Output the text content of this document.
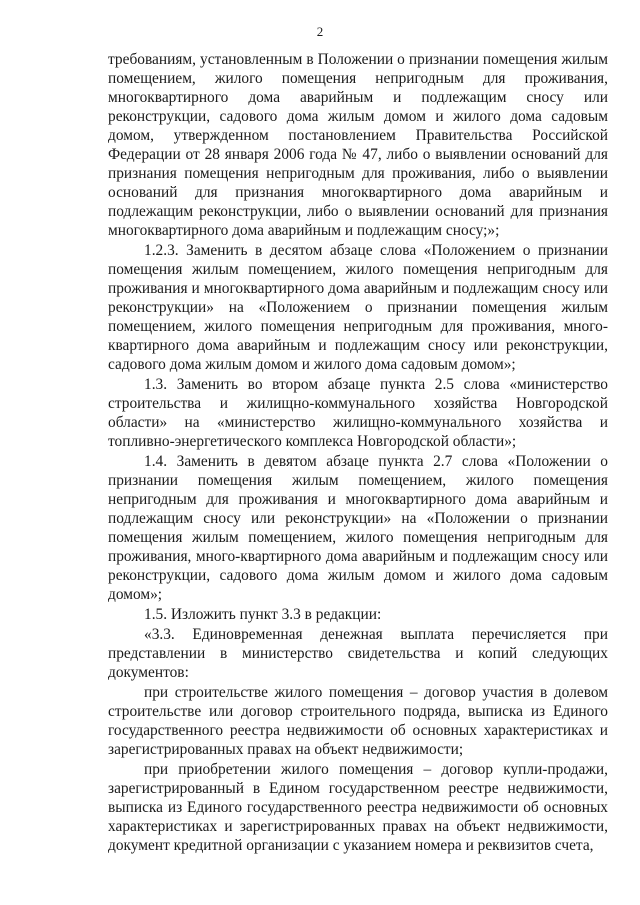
2

требованиям, установленным в Положении о признании помещения жилым помещением, жилого помещения непригодным для проживания, многоквартирного дома аварийным и подлежащим сносу или реконструкции, садового дома жилым домом и жилого дома садовым домом, утвержденном постановлением Правительства Российской Федерации от 28 января 2006 года № 47, либо о выявлении оснований для признания помещения непригодным для проживания, либо о выявлении оснований для признания многоквартирного дома аварийным и подлежащим реконструкции, либо о выявлении оснований для признания многоквартирного дома аварийным и подлежащим сносу;»;

1.2.3. Заменить в десятом абзаце слова «Положением о признании помещения жилым помещением, жилого помещения непригодным для проживания и многоквартирного дома аварийным и подлежащим сносу или реконструкции» на «Положением о признании помещения жилым помещением, жилого помещения непригодным для проживания, много-квартирного дома аварийным и подлежащим сносу или реконструкции, садового дома жилым домом и жилого дома садовым домом»;

1.3. Заменить во втором абзаце пункта 2.5 слова «министерство строительства и жилищно-коммунального хозяйства Новгородской области» на «министерство жилищно-коммунального хозяйства и топливно-энергетического комплекса Новгородской области»;

1.4. Заменить в девятом абзаце пункта 2.7 слова «Положении о признании помещения жилым помещением, жилого помещения непригодным для проживания и многоквартирного дома аварийным и подлежащим сносу или реконструкции» на «Положении о признании помещения жилым помещением, жилого помещения непригодным для проживания, много-квартирного дома аварийным и подлежащим сносу или реконструкции, садового дома жилым домом и жилого дома садовым домом»;

1.5. Изложить пункт 3.3 в редакции:

«3.3. Единовременная денежная выплата перечисляется при представлении в министерство свидетельства и копий следующих документов:

при строительстве жилого помещения – договор участия в долевом строительстве или договор строительного подряда, выписка из Единого государственного реестра недвижимости об основных характеристиках и зарегистрированных правах на объект недвижимости;

при приобретении жилого помещения – договор купли-продажи, зарегистрированный в Едином государственном реестре недвижимости, выписка из Единого государственного реестра недвижимости об основных характеристиках и зарегистрированных правах на объект недвижимости, документ кредитной организации с указанием номера и реквизитов счета,
